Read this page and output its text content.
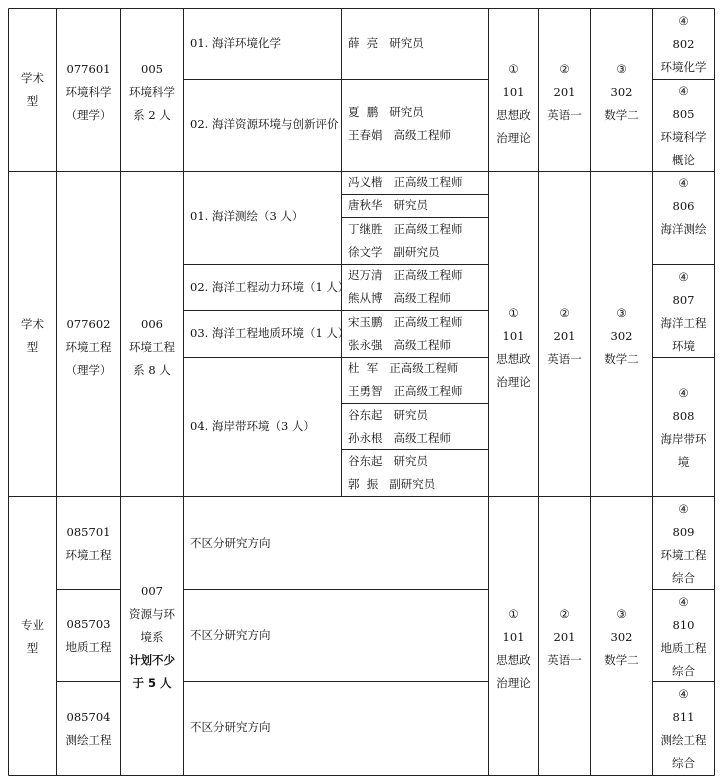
学术
型
077601
环境科学
（理学）
005
环境科学
系 2 人
01. 海洋环境化学
02. 海洋资源环境与创新评价
薛  亮   研究员
夏  鹏   研究员
王春娟   高级工程师
①
101
思想政
治理论
②
201
英语一
③
302
数学二
④
802
环境化学
④
805
环境科学
概论
学术
型
077602
环境工程
（理学）
006
环境工程
系 8 人
01. 海洋测绘（3 人）
02. 海洋工程动力环境（1 人）
03. 海洋工程地质环境（1 人）
04. 海岸带环境（3 人）
冯义楷   正高级工程师
唐秋华   研究员
丁继胜   正高级工程师
徐文学   副研究员
迟万清   正高级工程师
熊从博   高级工程师
宋玉鹏   正高级工程师
张永强   高级工程师
杜  军   正高级工程师
王勇智   正高级工程师
谷东起   研究员
孙永根   高级工程师
谷东起   研究员
郭  振   副研究员
①
101
思想政
治理论
②
201
英语一
③
302
数学二
④
806
海洋测绘
④
807
海洋工程
环境
④
808
海岸带环
境
专业
型
085701
环境工程
085703
地质工程
085704
测绘工程
007
资源与环
境系
计划不少
于 5 人
不区分研究方向
不区分研究方向
不区分研究方向
①
101
思想政
治理论
②
201
英语一
③
302
数学二
④
809
环境工程
综合
④
810
地质工程
综合
④
811
测绘工程
综合
